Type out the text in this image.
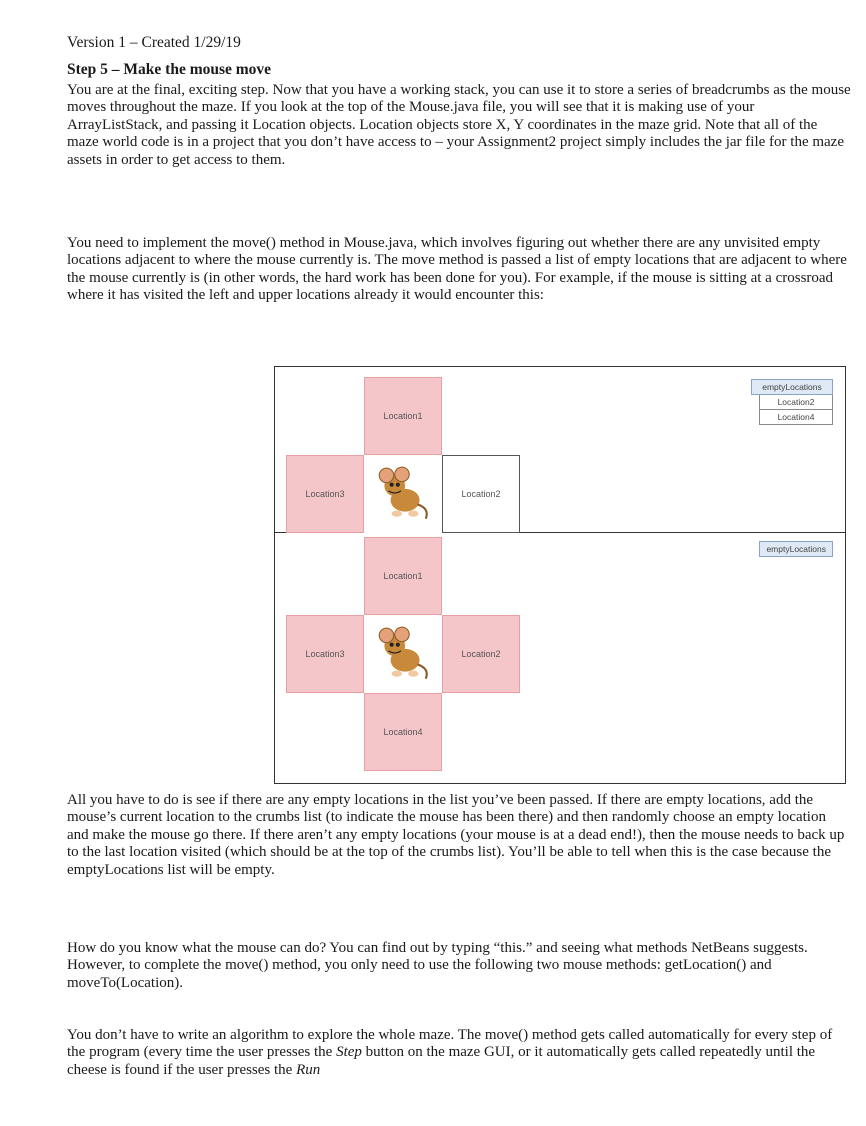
Version 1 – Created 1/29/19
Step 5 – Make the mouse move
You are at the final, exciting step. Now that you have a working stack, you can use it to store a series of breadcrumbs as the mouse moves throughout the maze. If you look at the top of the Mouse.java file, you will see that it is making use of your ArrayListStack, and passing it Location objects. Location objects store X, Y coordinates in the maze grid. Note that all of the maze world code is in a project that you don’t have access to – your Assignment2 project simply includes the jar file for the maze assets in order to get access to them.
You need to implement the move() method in Mouse.java, which involves figuring out whether there are any unvisited empty locations adjacent to where the mouse currently is. The move method is passed a list of empty locations that are adjacent to where the mouse currently is (in other words, the hard work has been done for you). For example, if the mouse is sitting at a crossroad where it has visited the left and upper locations already it would encounter this:
Location1
Location3	Location2
emptyLocations
Location2
Location4
Location1
Location3	Location2
Location4
emptyLocations
All you have to do is see if there are any empty locations in the list you’ve been passed. If there are empty locations, add the mouse’s current location to the crumbs list (to indicate the mouse has been there) and then randomly choose an empty location and make the mouse go there. If there aren’t any empty locations (your mouse is at a dead end!), then the mouse needs to back up to the last location visited (which should be at the top of the crumbs list). You’ll be able to tell when this is the case because the emptyLocations list will be empty.
How do you know what the mouse can do? You can find out by typing “this.” and seeing what methods NetBeans suggests. However, to complete the move() method, you only need to use the following two mouse methods: getLocation() and moveTo(Location).
You don’t have to write an algorithm to explore the whole maze. The move() method gets called automatically for every step of the program (every time the user presses the Step button on the maze GUI, or it automatically gets called repeatedly until the cheese is found if the user presses the Run
